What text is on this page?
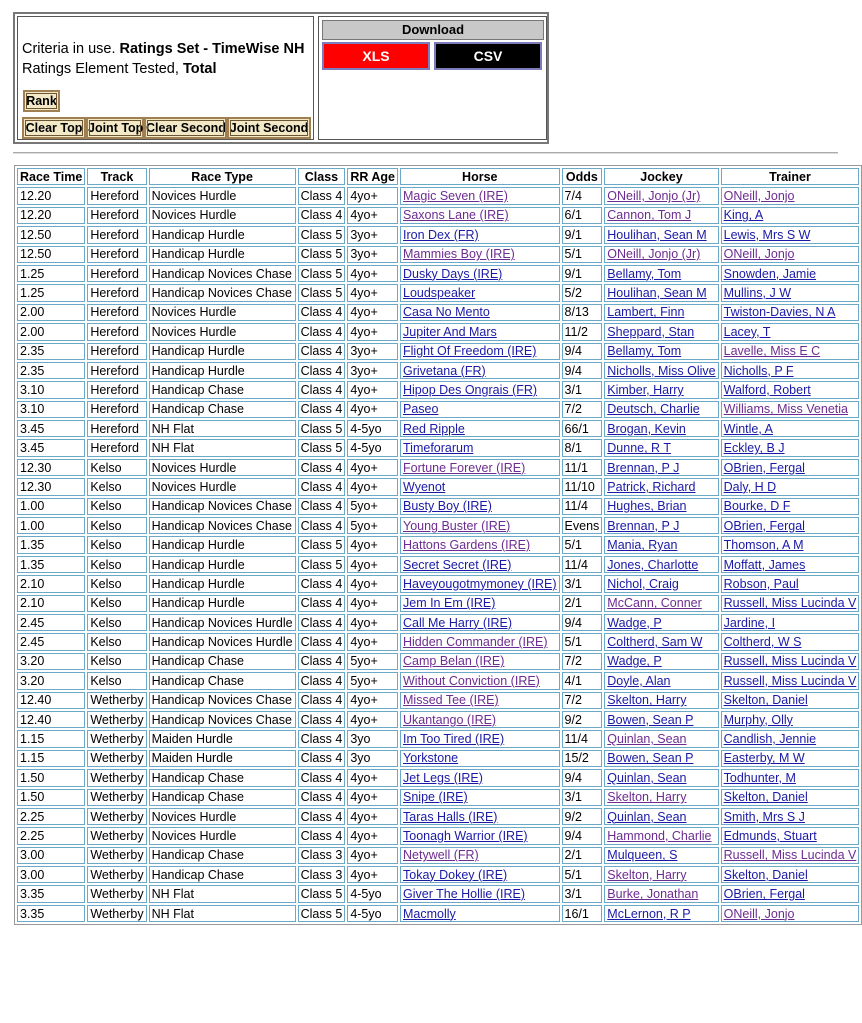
Criteria in use. Ratings Set - TimeWise NH
Ratings Element Tested, Total
Rank
Clear Top Joint Top Clear Second Joint Second
Download
XLS	CSV
Race Time	Track	Race Type	Class	RR Age	Horse	Odds	Jockey	Trainer
12.20	Hereford	Novices Hurdle	Class 4	4yo+	Magic Seven (IRE)	7/4	ONeill, Jonjo (Jr)	ONeill, Jonjo
12.20	Hereford	Novices Hurdle	Class 4	4yo+	Saxons Lane (IRE)	6/1	Cannon, Tom J	King, A
12.50	Hereford	Handicap Hurdle	Class 5	3yo+	Iron Dex (FR)	9/1	Houlihan, Sean M	Lewis, Mrs S W
12.50	Hereford	Handicap Hurdle	Class 5	3yo+	Mammies Boy (IRE)	5/1	ONeill, Jonjo (Jr)	ONeill, Jonjo
1.25	Hereford	Handicap Novices Chase	Class 5	4yo+	Dusky Days (IRE)	9/1	Bellamy, Tom	Snowden, Jamie
1.25	Hereford	Handicap Novices Chase	Class 5	4yo+	Loudspeaker	5/2	Houlihan, Sean M	Mullins, J W
2.00	Hereford	Novices Hurdle	Class 4	4yo+	Casa No Mento	8/13	Lambert, Finn	Twiston-Davies, N A
2.00	Hereford	Novices Hurdle	Class 4	4yo+	Jupiter And Mars	11/2	Sheppard, Stan	Lacey, T
2.35	Hereford	Handicap Hurdle	Class 4	3yo+	Flight Of Freedom (IRE)	9/4	Bellamy, Tom	Lavelle, Miss E C
2.35	Hereford	Handicap Hurdle	Class 4	3yo+	Grivetana (FR)	9/4	Nicholls, Miss Olive	Nicholls, P F
3.10	Hereford	Handicap Chase	Class 4	4yo+	Hipop Des Ongrais (FR)	3/1	Kimber, Harry	Walford, Robert
3.10	Hereford	Handicap Chase	Class 4	4yo+	Paseo	7/2	Deutsch, Charlie	Williams, Miss Venetia
3.45	Hereford	NH Flat	Class 5	4-5yo	Red Ripple	66/1	Brogan, Kevin	Wintle, A
3.45	Hereford	NH Flat	Class 5	4-5yo	Timeforarum	8/1	Dunne, R T	Eckley, B J
12.30	Kelso	Novices Hurdle	Class 4	4yo+	Fortune Forever (IRE)	11/1	Brennan, P J	OBrien, Fergal
12.30	Kelso	Novices Hurdle	Class 4	4yo+	Wyenot	11/10	Patrick, Richard	Daly, H D
1.00	Kelso	Handicap Novices Chase	Class 4	5yo+	Busty Boy (IRE)	11/4	Hughes, Brian	Bourke, D F
1.00	Kelso	Handicap Novices Chase	Class 4	5yo+	Young Buster (IRE)	Evens	Brennan, P J	OBrien, Fergal
1.35	Kelso	Handicap Hurdle	Class 5	4yo+	Hattons Gardens (IRE)	5/1	Mania, Ryan	Thomson, A M
1.35	Kelso	Handicap Hurdle	Class 5	4yo+	Secret Secret (IRE)	11/4	Jones, Charlotte	Moffatt, James
2.10	Kelso	Handicap Hurdle	Class 4	4yo+	Haveyougotmymoney (IRE)	3/1	Nichol, Craig	Robson, Paul
2.10	Kelso	Handicap Hurdle	Class 4	4yo+	Jem In Em (IRE)	2/1	McCann, Conner	Russell, Miss Lucinda V
2.45	Kelso	Handicap Novices Hurdle	Class 4	4yo+	Call Me Harry (IRE)	9/4	Wadge, P	Jardine, I
2.45	Kelso	Handicap Novices Hurdle	Class 4	4yo+	Hidden Commander (IRE)	5/1	Coltherd, Sam W	Coltherd, W S
3.20	Kelso	Handicap Chase	Class 4	5yo+	Camp Belan (IRE)	7/2	Wadge, P	Russell, Miss Lucinda V
3.20	Kelso	Handicap Chase	Class 4	5yo+	Without Conviction (IRE)	4/1	Doyle, Alan	Russell, Miss Lucinda V
12.40	Wetherby	Handicap Novices Chase	Class 4	4yo+	Missed Tee (IRE)	7/2	Skelton, Harry	Skelton, Daniel
12.40	Wetherby	Handicap Novices Chase	Class 4	4yo+	Ukantango (IRE)	9/2	Bowen, Sean P	Murphy, Olly
1.15	Wetherby	Maiden Hurdle	Class 4	3yo	Im Too Tired (IRE)	11/4	Quinlan, Sean	Candlish, Jennie
1.15	Wetherby	Maiden Hurdle	Class 4	3yo	Yorkstone	15/2	Bowen, Sean P	Easterby, M W
1.50	Wetherby	Handicap Chase	Class 4	4yo+	Jet Legs (IRE)	9/4	Quinlan, Sean	Todhunter, M
1.50	Wetherby	Handicap Chase	Class 4	4yo+	Snipe (IRE)	3/1	Skelton, Harry	Skelton, Daniel
2.25	Wetherby	Novices Hurdle	Class 4	4yo+	Taras Halls (IRE)	9/2	Quinlan, Sean	Smith, Mrs S J
2.25	Wetherby	Novices Hurdle	Class 4	4yo+	Toonagh Warrior (IRE)	9/4	Hammond, Charlie	Edmunds, Stuart
3.00	Wetherby	Handicap Chase	Class 3	4yo+	Netywell (FR)	2/1	Mulqueen, S	Russell, Miss Lucinda V
3.00	Wetherby	Handicap Chase	Class 3	4yo+	Tokay Dokey (IRE)	5/1	Skelton, Harry	Skelton, Daniel
3.35	Wetherby	NH Flat	Class 5	4-5yo	Giver The Hollie (IRE)	3/1	Burke, Jonathan	OBrien, Fergal
3.35	Wetherby	NH Flat	Class 5	4-5yo	Macmolly	16/1	McLernon, R P	ONeill, Jonjo
